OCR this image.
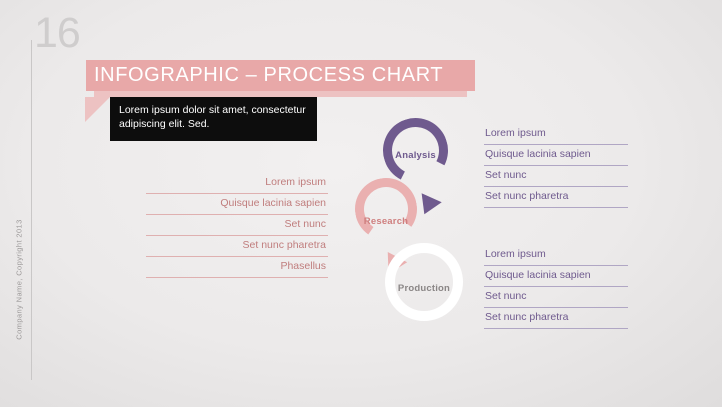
16
Company Name, Copyright 2013
INFOGRAPHIC – PROCESS CHART
Lorem ipsum dolor sit amet, consectetur adipiscing elit. Sed.
Analysis
Research
Production
Lorem ipsum
Quisque lacinia sapien
Set nunc
Set nunc pharetra
Phasellus
Lorem ipsum
Quisque lacinia sapien
Set nunc
Set nunc pharetra
Lorem ipsum
Quisque lacinia sapien
Set nunc
Set nunc pharetra
